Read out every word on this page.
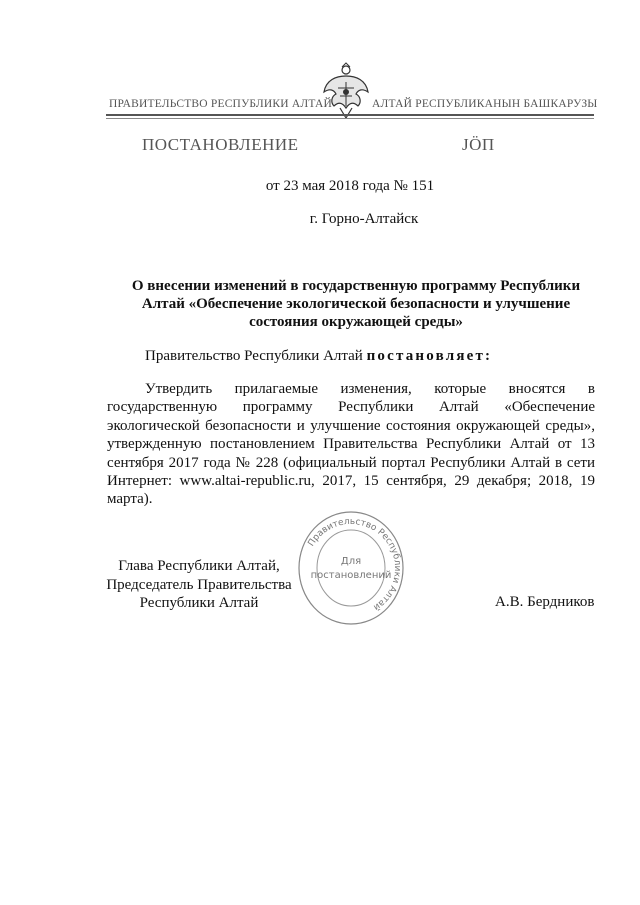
ПРАВИТЕЛЬСТВО РЕСПУБЛИКИ АЛТАЙ	АЛТАЙ РЕСПУБЛИКАНЫН БАШКАРУЗЫ
ПОСТАНОВЛЕНИЕ	ЈÖП
от 23 мая 2018 года № 151
г. Горно-Алтайск
О внесении изменений в государственную программу Республики
Алтай «Обеспечение экологической безопасности и улучшение
состояния окружающей среды»
Правительство Республики Алтай постановляет:
Утвердить прилагаемые изменения, которые вносятся в государственную программу Республики Алтай «Обеспечение экологической безопасности и улучшение состояния окружающей среды», утвержденную постановлением Правительства Республики Алтай от 13 сентября 2017 года № 228 (официальный портал Республики Алтай в сети Интернет: www.altai-republic.ru, 2017, 15 сентября, 29 декабря; 2018, 19 марта).
Правительство Республики Алтай
Для
постановлений
Глава Республики Алтай,
Председатель Правительства
Республики Алтай	А.В. Бердников
